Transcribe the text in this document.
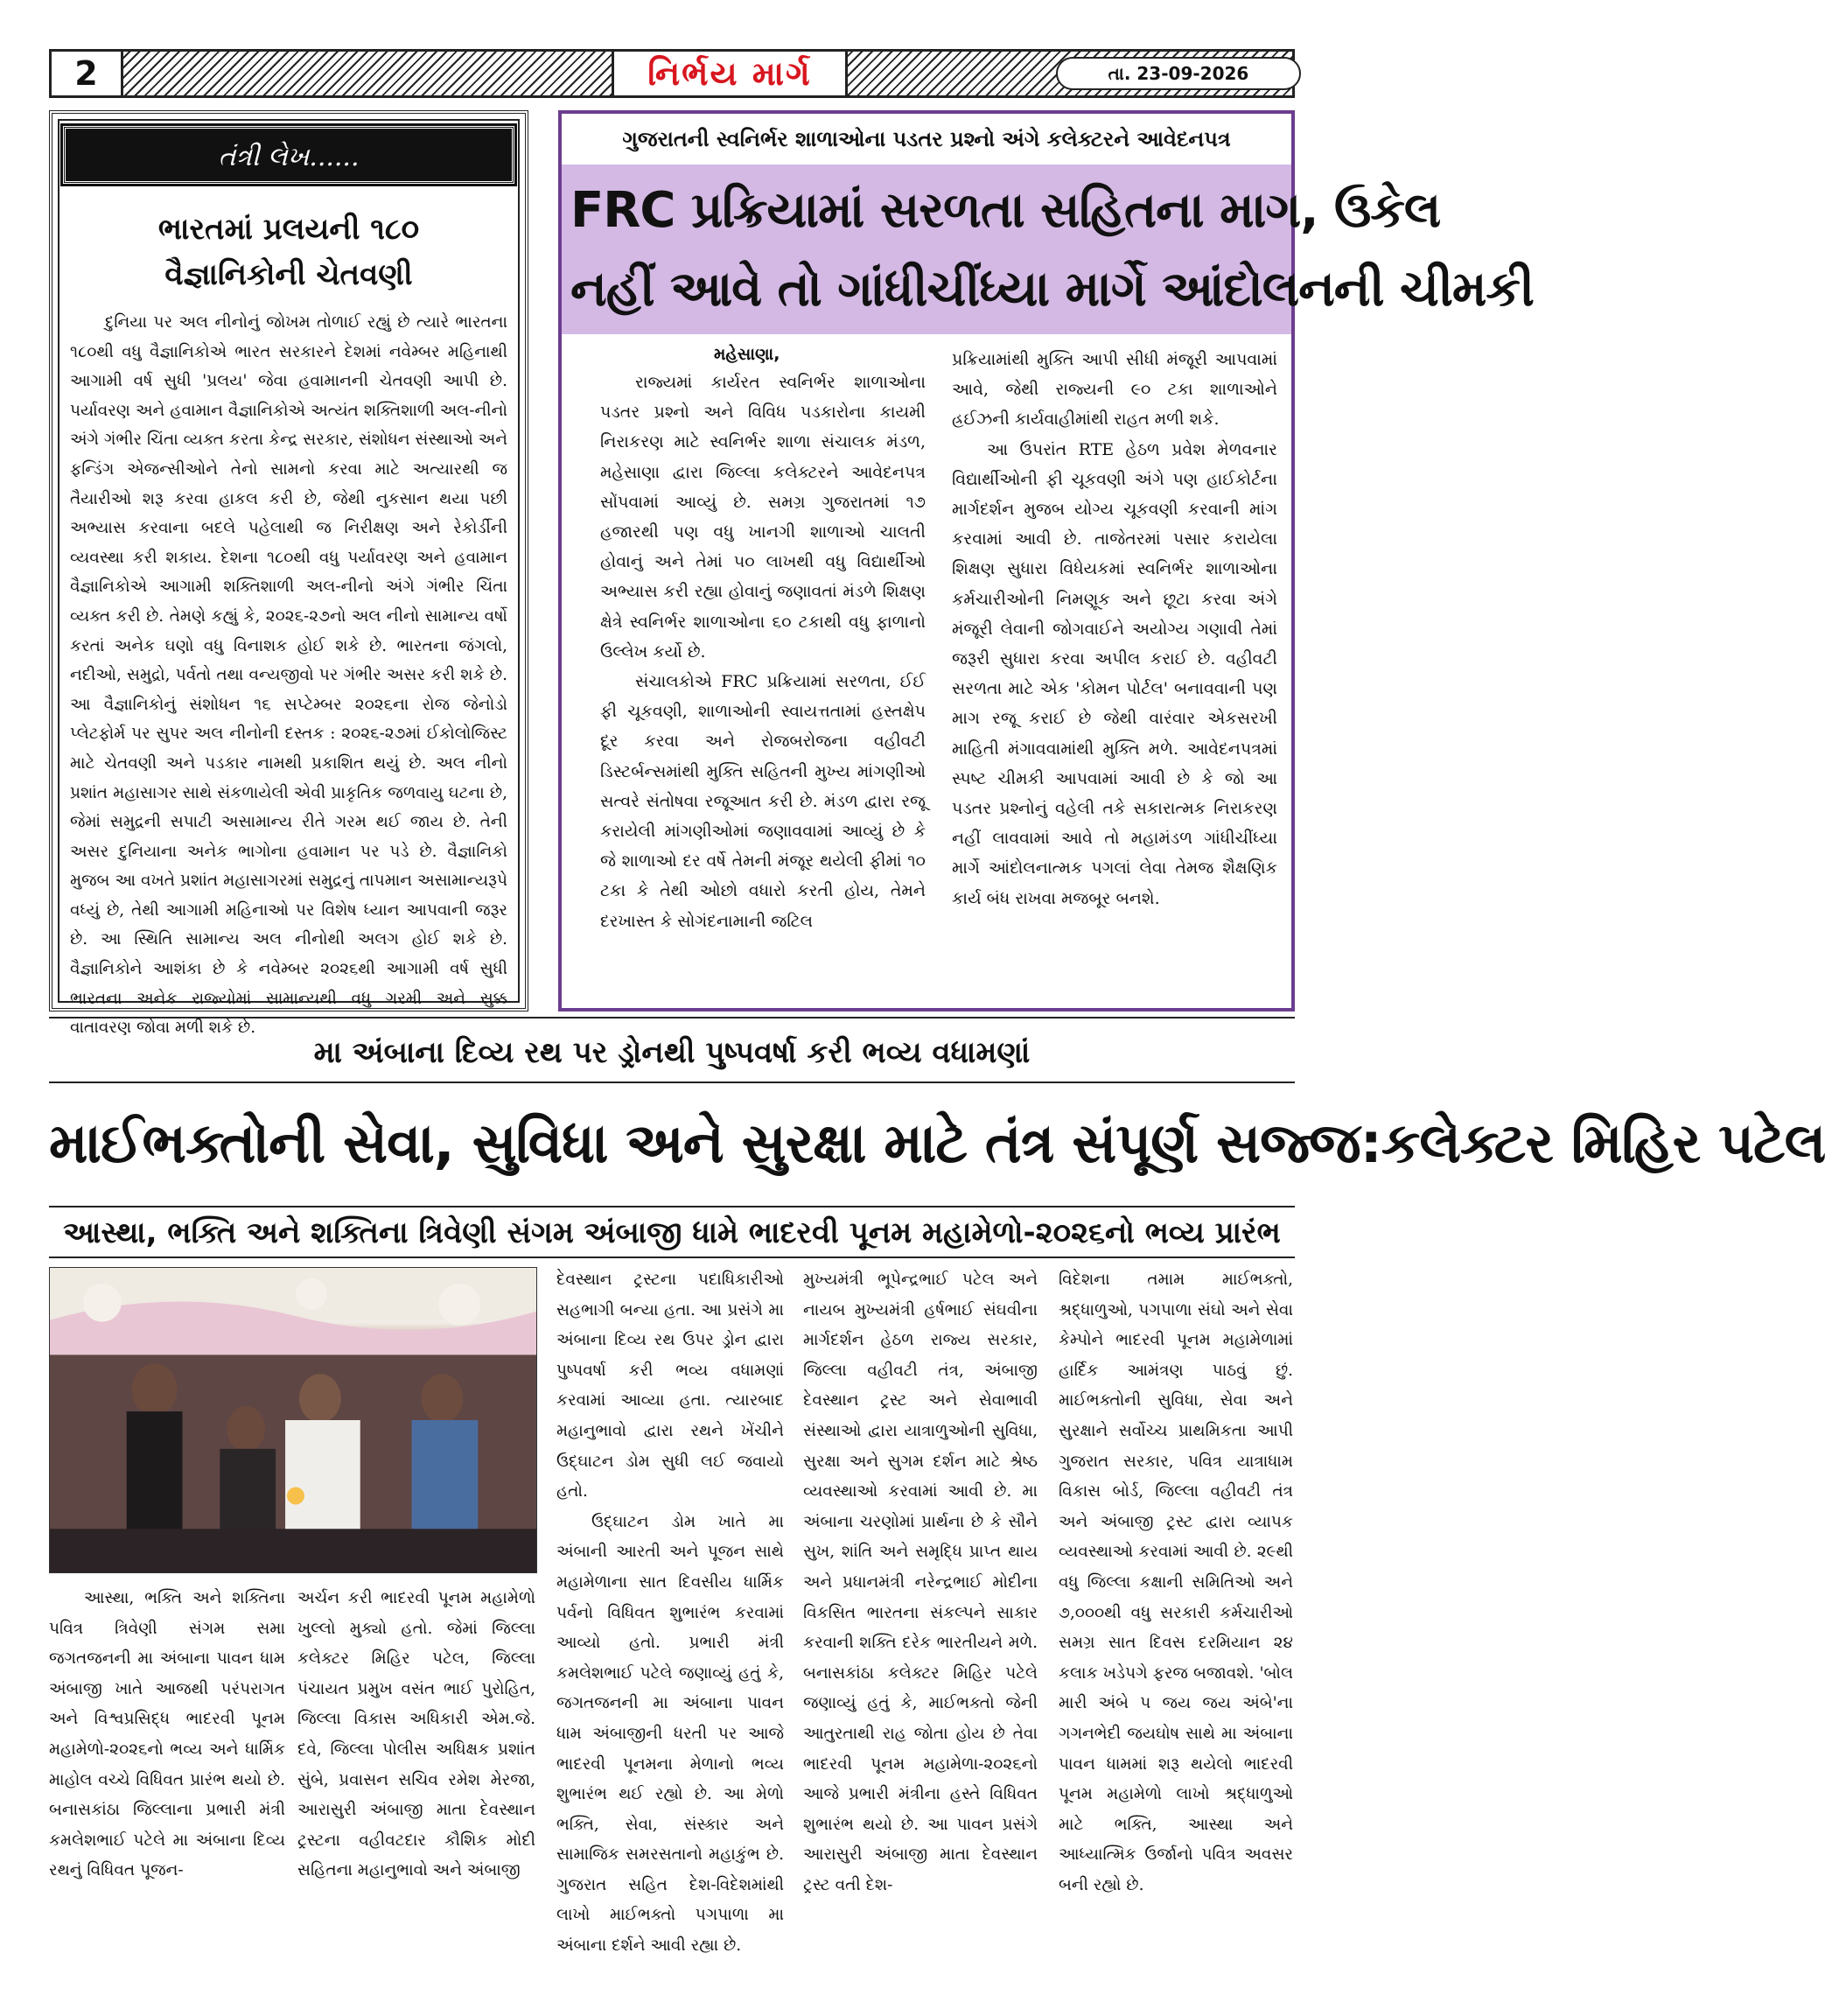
2	નિર્ભય માર્ગ	તા. 23-09-2026
તંત્રી લેખ......
ભારતમાં પ્રલયની ૧૮૦
વૈજ્ઞાનિકોની ચેતવણી

દુનિયા પર અલ નીનોનું જોખમ તોળાઈ રહ્યું છે ત્યારે ભારતના ૧૮૦થી વધુ વૈજ્ઞાનિકોએ ભારત સરકારને દેશમાં નવેમ્બર મહિનાથી આગામી વર્ષ સુધી 'પ્રલય' જેવા હવામાનની ચેતવણી આપી છે. પર્યાવરણ અને હવામાન વૈજ્ઞાનિકોએ અત્યંત શક્તિશાળી અલ-નીનો અંગે ગંભીર ચિંતા વ્યક્ત કરતા કેન્દ્ર સરકાર, સંશોધન સંસ્થાઓ અને ફન્ડિંગ એજન્સીઓને તેનો સામનો કરવા માટે અત્યારથી જ તૈયારીઓ શરૂ કરવા હાકલ કરી છે, જેથી નુકસાન થયા પછી અભ્યાસ કરવાના બદલે પહેલાથી જ નિરીક્ષણ અને રેકોર્ડીની વ્યવસ્થા કરી શકાય. દેશના ૧૮૦થી વધુ પર્યાવરણ અને હવામાન વૈજ્ઞાનિકોએ આગામી શક્તિશાળી અલ-નીનો અંગે ગંભીર ચિંતા વ્યક્ત કરી છે. તેમણે કહ્યું કે, ૨૦૨૬-૨૭નો અલ નીનો સામાન્ય વર્ષો કરતાં અનેક ઘણો વધુ વિનાશક હોઈ શકે છે. ભારતના જંગલો, નદીઓ, સમુદ્રો, પર્વતો તથા વન્યજીવો પર ગંભીર અસર કરી શકે છે. આ વૈજ્ઞાનિકોનું સંશોધન ૧૬ સપ્ટેમ્બર ૨૦૨૬ના રોજ જેનોડો પ્લેટફોર્મ પર સુપર અલ નીનોની દસ્તક : ૨૦૨૬-૨૭માં ઈકોલોજિસ્ટ માટે ચેતવણી અને પડકાર નામથી પ્રકાશિત થયું છે. અલ નીનો પ્રશાંત મહાસાગર સાથે સંકળાયેલી એવી પ્રાકૃતિક જળવાયુ ઘટના છે, જેમાં સમુદ્રની સપાટી અસામાન્ય રીતે ગરમ થઈ જાય છે. તેની અસર દુનિયાના અનેક ભાગોના હવામાન પર પડે છે. વૈજ્ઞાનિકો મુજબ આ વખતે પ્રશાંત મહાસાગરમાં સમુદ્રનું તાપમાન અસામાન્યરૂપે વધ્યું છે, તેથી આગામી મહિનાઓ પર વિશેષ ધ્યાન આપવાની જરૂર છે. આ સ્થિતિ સામાન્ય અલ નીનોથી અલગ હોઈ શકે છે. વૈજ્ઞાનિકોને આશંકા છે કે નવેમ્બર ૨૦૨૬થી આગામી વર્ષ સુધી ભારતના અનેક રાજ્યોમાં સામાન્યથી વધુ ગરમી અને સુક્ક વાતાવરણ જોવા મળી શકે છે.

ગુજરાતની સ્વનિર્ભર શાળાઓના પડતર પ્રશ્નો અંગે કલેક્ટરને આવેદનપત્ર
FRC પ્રક્રિયામાં સરળતા સહિતના માગ, ઉકેલ
નહીં આવે તો ગાંધીચીંધ્યા માર્ગે આંદોલનની ચીમકી
મહેસાણા,

રાજ્યમાં કાર્યરત સ્વનિર્ભર શાળાઓના પડતર પ્રશ્નો અને વિવિધ પડકારોના કાયમી નિરાકરણ માટે સ્વનિર્ભર શાળા સંચાલક મંડળ, મહેસાણા દ્વારા જિલ્લા કલેક્ટરને આવેદનપત્ર સોંપવામાં આવ્યું છે. સમગ્ર ગુજરાતમાં ૧૭ હજારથી પણ વધુ ખાનગી શાળાઓ ચાલતી હોવાનું અને તેમાં ૫૦ લાખથી વધુ વિદ્યાર્થીઓ અભ્યાસ કરી રહ્યા હોવાનું જણાવતાં મંડળે શિક્ષણ ક્ષેત્રે સ્વનિર્ભર શાળાઓના ૬૦ ટકાથી વધુ ફાળાનો ઉલ્લેખ કર્યો છે.

સંચાલકોએ FRC પ્રક્રિયામાં સરળતા, ઈઈ ફી ચૂકવણી, શાળાઓની સ્વાયત્તતામાં હસ્તક્ષેપ દૂર કરવા અને રોજબરોજના વહીવટી ડિસ્ટર્બન્સમાંથી મુક્તિ સહિતની મુખ્ય માંગણીઓ સત્વરે સંતોષવા રજૂઆત કરી છે. મંડળ દ્વારા રજૂ કરાયેલી માંગણીઓમાં જણાવવામાં આવ્યું છે કે જે શાળાઓ દર વર્ષે તેમની મંજૂર થયેલી ફીમાં ૧૦ ટકા કે તેથી ઓછો વધારો કરતી હોય, તેમને દરખાસ્ત કે સોગંદનામાની જટિલ

પ્રક્રિયામાંથી મુક્તિ આપી સીધી મંજૂરી આપવામાં આવે, જેથી રાજ્યની ૯૦ ટકા શાળાઓને હ્રઈઝની કાર્યવાહીમાંથી રાહત મળી શકે.

આ ઉપરાંત RTE હેઠળ પ્રવેશ મેળવનાર વિદ્યાર્થીઓની ફી ચૂકવણી અંગે પણ હાઈકોર્ટના માર્ગદર્શન મુજબ યોગ્ય ચૂકવણી કરવાની માંગ કરવામાં આવી છે. તાજેતરમાં પસાર કરાયેલા શિક્ષણ સુધારા વિધેયકમાં સ્વનિર્ભર શાળાઓના કર્મચારીઓની નિમણૂક અને છૂટા કરવા અંગે મંજૂરી લેવાની જોગવાઈને અયોગ્ય ગણાવી તેમાં જરૂરી સુધારા કરવા અપીલ કરાઈ છે. વહીવટી સરળતા માટે એક 'કોમન પોર્ટલ' બનાવવાની પણ માગ રજૂ કરાઈ છે જેથી વારંવાર એકસરખી માહિતી મંગાવવામાંથી મુક્તિ મળે. આવેદનપત્રમાં સ્પષ્ટ ચીમકી આપવામાં આવી છે કે જો આ પડતર પ્રશ્નોનું વહેલી તકે સકારાત્મક નિરાકરણ નહીં લાવવામાં આવે તો મહામંડળ ગાંધીચીંધ્યા માર્ગે આંદોલનાત્મક પગલાં લેવા તેમજ શૈક્ષણિક કાર્ય બંધ રાખવા મજબૂર બનશે.

મા અંબાના દિવ્ય રથ પર ડ્રોનથી પુષ્પવર્ષા કરી ભવ્ય વધામણાં
માઈભક્તોની સેવા, સુવિધા અને સુરક્ષા માટે તંત્ર સંપૂર્ણ સજ્જ:કલેક્ટર મિહિર પટેલ
આસ્થા, ભક્તિ અને શક્તિના ત્રિવેણી સંગમ અંબાજી ધામે ભાદરવી પૂનમ મહામેળો-૨૦૨૬નો ભવ્ય પ્રારંભ

આસ્થા, ભક્તિ અને શક્તિના પવિત્ર ત્રિવેણી સંગમ સમા જગતજનની મા અંબાના પાવન ધામ અંબાજી ખાતે આજથી પરંપરાગત અને વિશ્વપ્રસિદ્ધ ભાદરવી પૂનમ મહામેળો-૨૦૨૬નો ભવ્ય અને ધાર્મિક માહોલ વચ્ચે વિધિવત પ્રારંભ થયો છે. બનાસકાંઠા જિલ્લાના પ્રભારી મંત્રી કમલેશભાઈ પટેલે મા અંબાના દિવ્ય રથનું વિધિવત પૂજન-

અર્ચન કરી ભાદરવી પૂનમ મહામેળો ખુલ્લો મુક્યો હતો. જેમાં જિલ્લા કલેક્ટર મિહિર પટેલ, જિલ્લા પંચાયત પ્રમુખ વસંત ભાઈ પુરોહિત, જિલ્લા વિકાસ અધિકારી એમ.જે. દવે, જિલ્લા પોલીસ અધિક્ષક પ્રશાંત સુંબે, પ્રવાસન સચિવ રમેશ મેરજા, આરાસુરી અંબાજી માતા દેવસ્થાન ટ્રસ્ટના વહીવટદાર કૌશિક મોદી સહિતના મહાનુભાવો અને અંબાજી

દેવસ્થાન ટ્રસ્ટના પદાધિકારીઓ સહભાગી બન્યા હતા. આ પ્રસંગે મા અંબાના દિવ્ય રથ ઉપર ડ્રોન દ્વારા પુષ્પવર્ષા કરી ભવ્ય વધામણાં કરવામાં આવ્યા હતા. ત્યારબાદ મહાનુભાવો દ્વારા રથને ખેંચીને ઉદ્ઘાટન ડોમ સુધી લઈ જવાયો હતો.

ઉદ્ઘાટન ડોમ ખાતે મા અંબાની આરતી અને પૂજન સાથે મહામેળાના સાત દિવસીય ધાર્મિક પર્વનો વિધિવત શુભારંભ કરવામાં આવ્યો હતો. પ્રભારી મંત્રી કમલેશભાઈ પટેલે જણાવ્યું હતું કે, જગતજનની મા અંબાના પાવન ધામ અંબાજીની ધરતી પર આજે ભાદરવી પૂનમના મેળાનો ભવ્ય શુભારંભ થઈ રહ્યો છે. આ મેળો ભક્તિ, સેવા, સંસ્કાર અને સામાજિક સમરસતાનો મહાકુંભ છે. ગુજરાત સહિત દેશ-વિદેશમાંથી લાખો માઈભક્તો પગપાળા મા અંબાના દર્શને આવી રહ્યા છે.

મુખ્યમંત્રી ભૂપેન્દ્રભાઈ પટેલ અને નાયબ મુખ્યમંત્રી હર્ષભાઈ સંઘવીના માર્ગદર્શન હેઠળ રાજ્ય સરકાર, જિલ્લા વહીવટી તંત્ર, અંબાજી દેવસ્થાન ટ્રસ્ટ અને સેવાભાવી સંસ્થાઓ દ્વારા યાત્રાળુઓની સુવિધા, સુરક્ષા અને સુગમ દર્શન માટે શ્રેષ્ઠ વ્યવસ્થાઓ કરવામાં આવી છે. મા અંબાના ચરણોમાં પ્રાર્થના છે કે સૌને સુખ, શાંતિ અને સમૃદ્ધિ પ્રાપ્ત થાય અને પ્રધાનમંત્રી નરેન્દ્રભાઈ મોદીના વિકસિત ભારતના સંકલ્પને સાકાર કરવાની શક્તિ દરેક ભારતીયને મળે. બનાસકાંઠા કલેક્ટર મિહિર પટેલે જણાવ્યું હતું કે, માઈભક્તો જેની આતુરતાથી રાહ જોતા હોય છે તેવા ભાદરવી પૂનમ મહામેળા-૨૦૨૬નો આજે પ્રભારી મંત્રીના હસ્તે વિધિવત શુભારંભ થયો છે. આ પાવન પ્રસંગે આરાસુરી અંબાજી માતા દેવસ્થાન ટ્રસ્ટ વતી દેશ-

વિદેશના તમામ માઈભક્તો, શ્રદ્ધાળુઓ, પગપાળા સંઘો અને સેવા કેમ્પોને ભાદરવી પૂનમ મહામેળામાં હાર્દિક આમંત્રણ પાઠવું છું. માઈભક્તોની સુવિધા, સેવા અને સુરક્ષાને સર્વોચ્ચ પ્રાથમિકતા આપી ગુજરાત સરકાર, પવિત્ર યાત્રાધામ વિકાસ બોર્ડ, જિલ્લા વહીવટી તંત્ર અને અંબાજી ટ્રસ્ટ દ્વારા વ્યાપક વ્યવસ્થાઓ કરવામાં આવી છે. ૨૯થી વધુ જિલ્લા કક્ષાની સમિતિઓ અને ૭,૦૦૦થી વધુ સરકારી કર્મચારીઓ સમગ્ર સાત દિવસ દરમિયાન ૨૪ કલાક ખડેપગે ફરજ બજાવશે. 'બોલ મારી અંબે પ જય જય અંબે'ના ગગનભેદી જયઘોષ સાથે મા અંબાના પાવન ધામમાં શરૂ થયેલો ભાદરવી પૂનમ મહામેળો લાખો શ્રદ્ધાળુઓ માટે ભક્તિ, આસ્થા અને આધ્યાત્મિક ઉર્જાનો પવિત્ર અવસર બની રહ્યો છે.
